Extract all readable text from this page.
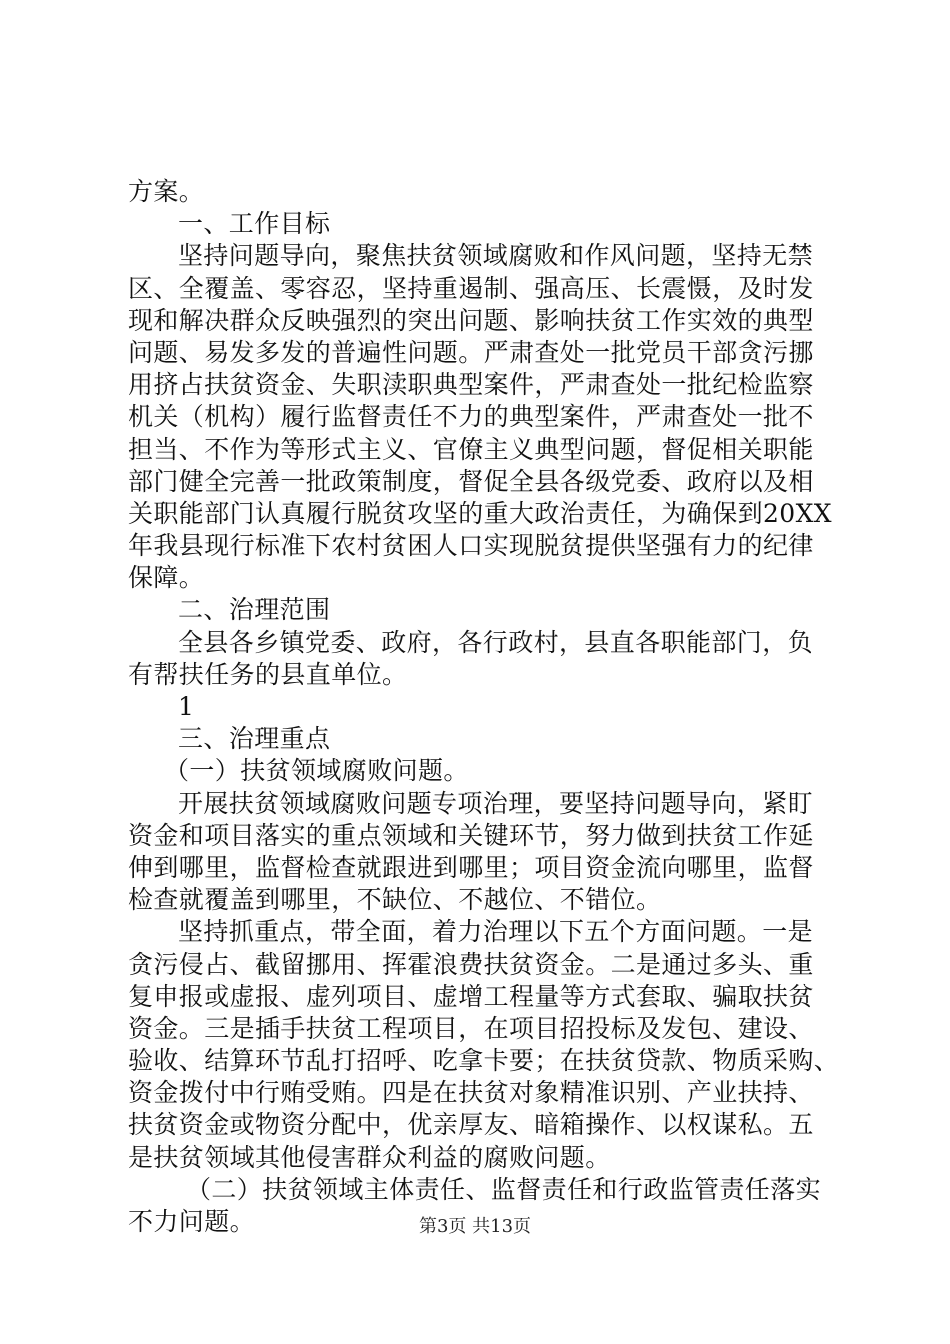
方案。
一、工作目标
坚持问题导向，聚焦扶贫领域腐败和作风问题，坚持无禁
区、全覆盖、零容忍，坚持重遏制、强高压、长震慑，及时发
现和解决群众反映强烈的突出问题、影响扶贫工作实效的典型
问题、易发多发的普遍性问题。严肃查处一批党员干部贪污挪
用挤占扶贫资金、失职渎职典型案件，严肃查处一批纪检监察
机关（机构）履行监督责任不力的典型案件，严肃查处一批不
担当、不作为等形式主义、官僚主义典型问题，督促相关职能
部门健全完善一批政策制度，督促全县各级党委、政府以及相
关职能部门认真履行脱贫攻坚的重大政治责任，为确保到20XX
年我县现行标准下农村贫困人口实现脱贫提供坚强有力的纪律
保障。
二、治理范围
全县各乡镇党委、政府，各行政村，县直各职能部门，负
有帮扶任务的县直单位。
1
三、治理重点
（一）扶贫领域腐败问题。
开展扶贫领域腐败问题专项治理，要坚持问题导向，紧盯
资金和项目落实的重点领域和关键环节，努力做到扶贫工作延
伸到哪里，监督检查就跟进到哪里；项目资金流向哪里，监督
检查就覆盖到哪里，不缺位、不越位、不错位。
坚持抓重点，带全面，着力治理以下五个方面问题。一是
贪污侵占、截留挪用、挥霍浪费扶贫资金。二是通过多头、重
复申报或虚报、虚列项目、虚增工程量等方式套取、骗取扶贫
资金。三是插手扶贫工程项目，在项目招投标及发包、建设、
验收、结算环节乱打招呼、吃拿卡要；在扶贫贷款、物质采购、
资金拨付中行贿受贿。四是在扶贫对象精准识别、产业扶持、
扶贫资金或物资分配中，优亲厚友、暗箱操作、以权谋私。五
是扶贫领域其他侵害群众利益的腐败问题。
（二）扶贫领域主体责任、监督责任和行政监管责任落实
不力问题。	第3页 共13页
